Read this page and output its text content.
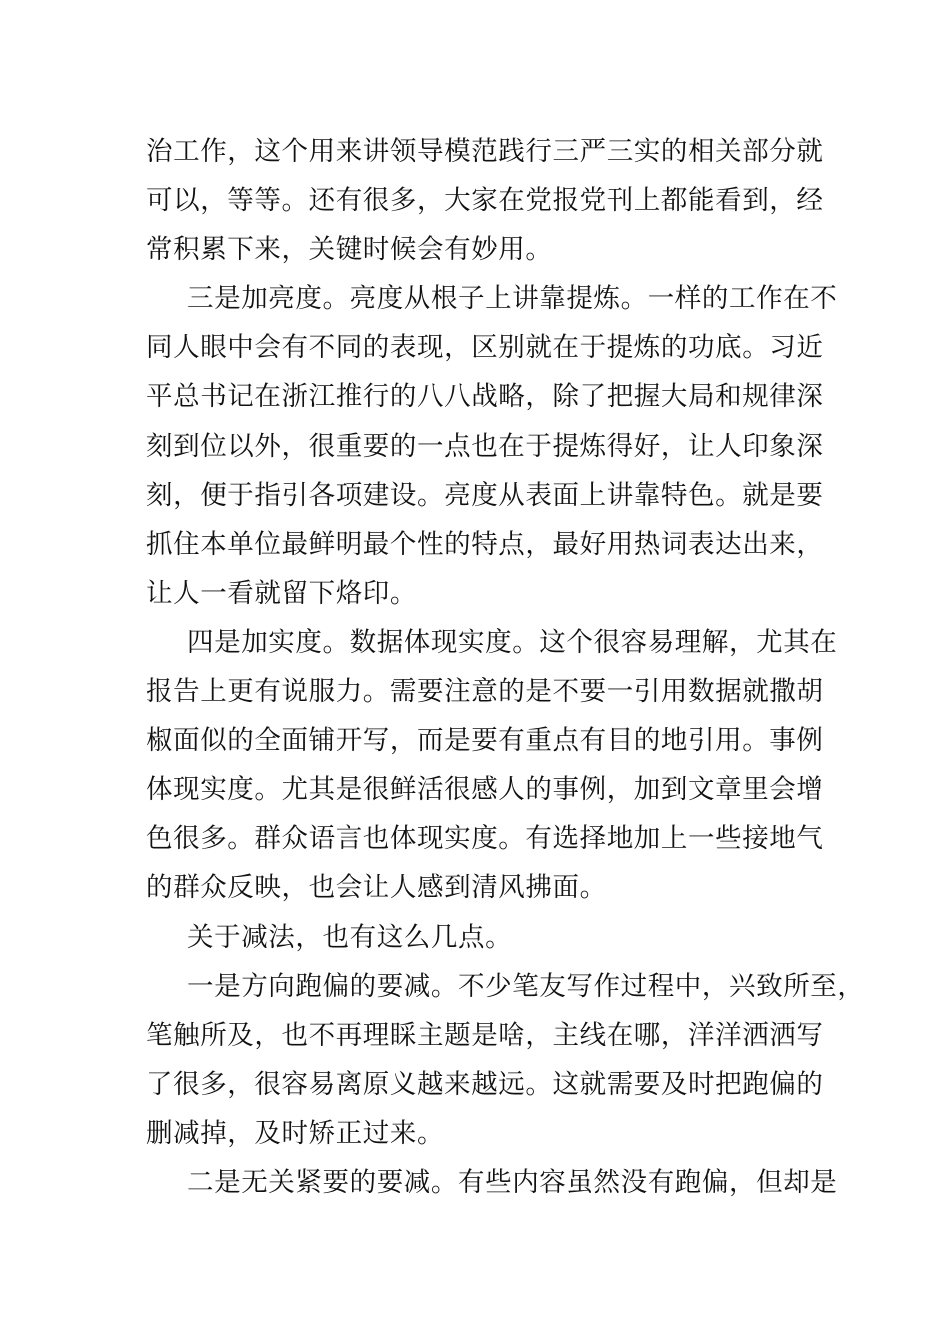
治工作，这个用来讲领导模范践行三严三实的相关部分就
可以，等等。还有很多，大家在党报党刊上都能看到，经
常积累下来，关键时候会有妙用。
三是加亮度。亮度从根子上讲靠提炼。一样的工作在不
同人眼中会有不同的表现，区别就在于提炼的功底。习近
平总书记在浙江推行的八八战略，除了把握大局和规律深
刻到位以外，很重要的一点也在于提炼得好，让人印象深
刻，便于指引各项建设。亮度从表面上讲靠特色。就是要
抓住本单位最鲜明最个性的特点，最好用热词表达出来，
让人一看就留下烙印。
四是加实度。数据体现实度。这个很容易理解，尤其在
报告上更有说服力。需要注意的是不要一引用数据就撒胡
椒面似的全面铺开写，而是要有重点有目的地引用。事例
体现实度。尤其是很鲜活很感人的事例，加到文章里会增
色很多。群众语言也体现实度。有选择地加上一些接地气
的群众反映，也会让人感到清风拂面。
关于减法，也有这么几点。
一是方向跑偏的要减。不少笔友写作过程中，兴致所至，
笔触所及，也不再理睬主题是啥，主线在哪，洋洋洒洒写
了很多，很容易离原义越来越远。这就需要及时把跑偏的
删减掉，及时矫正过来。
二是无关紧要的要减。有些内容虽然没有跑偏，但却是
